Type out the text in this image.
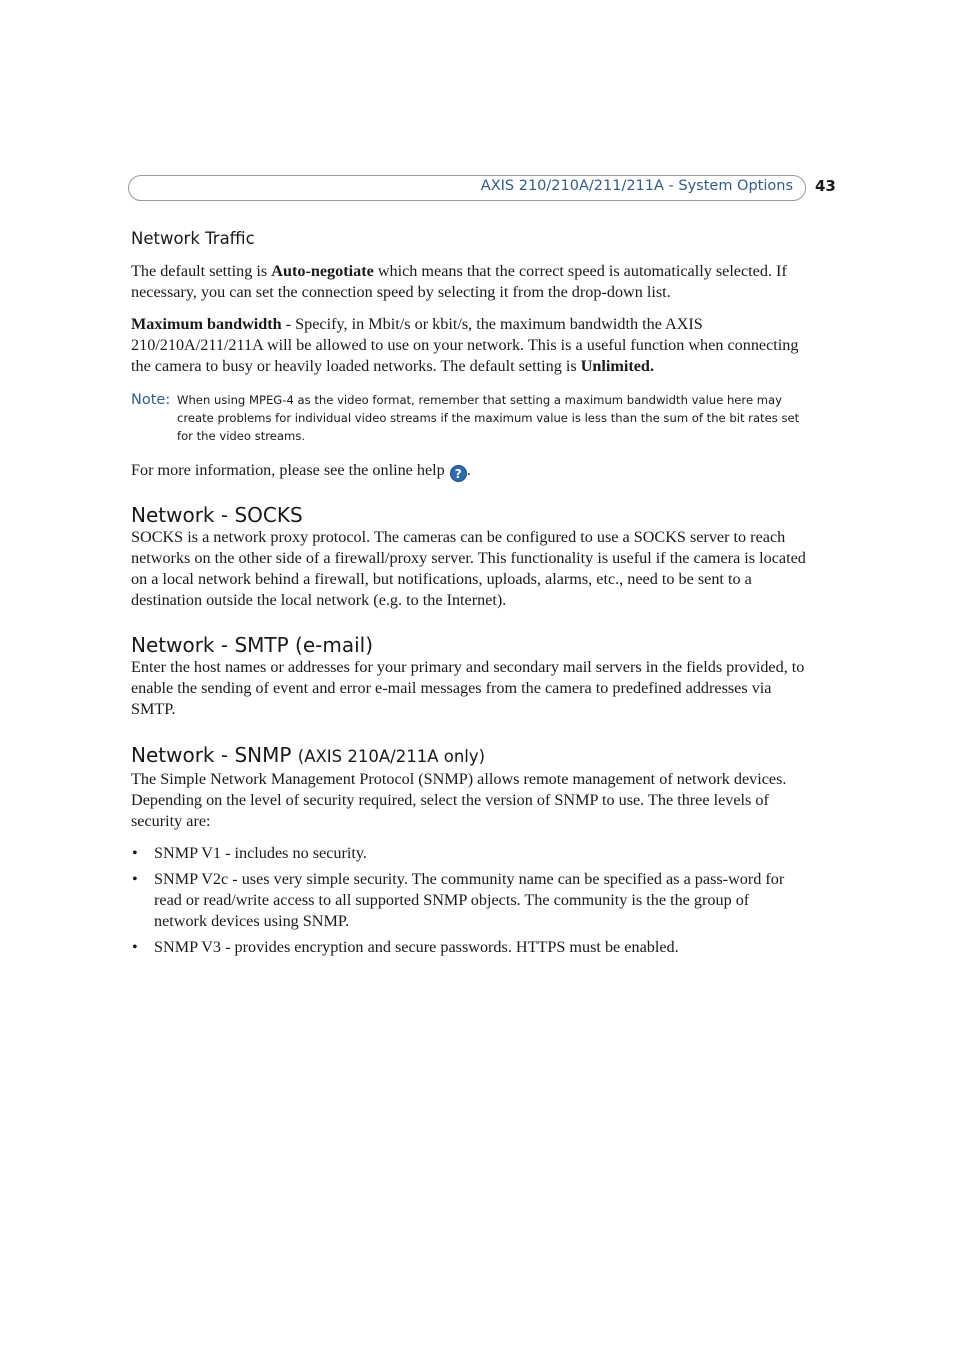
AXIS 210/210A/211/211A - System Options 43
Network Traffic

The default setting is Auto-negotiate which means that the correct speed is automatically selected. If necessary, you can set the connection speed by selecting it from the drop-down list.

Maximum bandwidth - Specify, in Mbit/s or kbit/s, the maximum bandwidth the AXIS 210/210A/211/211A will be allowed to use on your network. This is a useful function when connecting the camera to busy or heavily loaded networks. The default setting is Unlimited.

Note: When using MPEG-4 as the video format, remember that setting a maximum bandwidth value here may create problems for individual video streams if the maximum value is less than the sum of the bit rates set for the video streams.

For more information, please see the online help ? .

Network - SOCKS

SOCKS is a network proxy protocol. The cameras can be configured to use a SOCKS server to reach networks on the other side of a firewall/proxy server. This functionality is useful if the camera is located on a local network behind a firewall, but notifications, uploads, alarms, etc., need to be sent to a destination outside the local network (e.g. to the Internet).

Network - SMTP (e-mail)

Enter the host names or addresses for your primary and secondary mail servers in the fields provided, to enable the sending of event and error e-mail messages from the camera to predefined addresses via SMTP.

Network - SNMP (AXIS 210A/211A only)

The Simple Network Management Protocol (SNMP) allows remote management of network devices. Depending on the level of security required, select the version of SNMP to use. The three levels of security are:

• SNMP V1 - includes no security.
• SNMP V2c - uses very simple security. The community name can be specified as a pass-word for read or read/write access to all supported SNMP objects. The community is the the group of network devices using SNMP.
• SNMP V3 - provides encryption and secure passwords. HTTPS must be enabled.
